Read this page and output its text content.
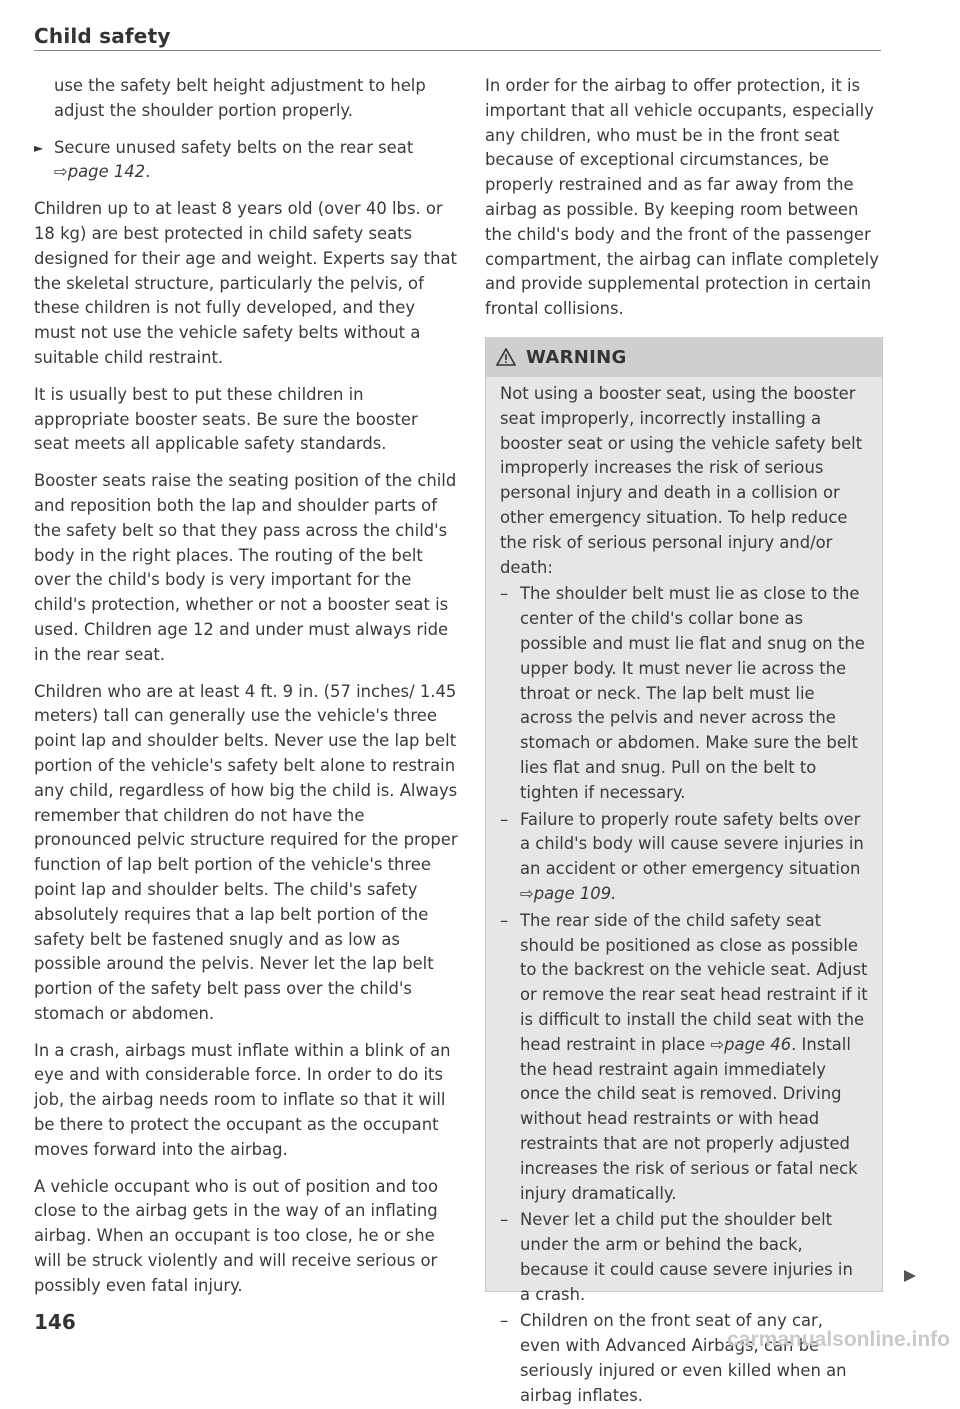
Child safety

use the safety belt height adjustment to help adjust the shoulder portion properly.

► Secure unused safety belts on the rear seat
⇨page 142.

Children up to at least 8 years old (over 40 lbs. or 18 kg) are best protected in child safety seats designed for their age and weight. Experts say that the skeletal structure, particularly the pelvis, of these children is not fully developed, and they must not use the vehicle safety belts without a suitable child restraint.

It is usually best to put these children in appropriate booster seats. Be sure the booster seat meets all applicable safety standards.

Booster seats raise the seating position of the child and reposition both the lap and shoulder parts of the safety belt so that they pass across the child's body in the right places. The routing of the belt over the child's body is very important for the child's protection, whether or not a booster seat is used. Children age 12 and under must always ride in the rear seat.

Children who are at least 4 ft. 9 in. (57 inches/ 1.45 meters) tall can generally use the vehicle's three point lap and shoulder belts. Never use the lap belt portion of the vehicle's safety belt alone to restrain any child, regardless of how big the child is. Always remember that children do not have the pronounced pelvic structure required for the proper function of lap belt portion of the vehicle's three point lap and shoulder belts. The child's safety absolutely requires that a lap belt portion of the safety belt be fastened snugly and as low as possible around the pelvis. Never let the lap belt portion of the safety belt pass over the child's stomach or abdomen.

In a crash, airbags must inflate within a blink of an eye and with considerable force. In order to do its job, the airbag needs room to inflate so that it will be there to protect the occupant as the occupant moves forward into the airbag.

A vehicle occupant who is out of position and too close to the airbag gets in the way of an inflating airbag. When an occupant is too close, he or she will be struck violently and will receive serious or possibly even fatal injury.

In order for the airbag to offer protection, it is important that all vehicle occupants, especially any children, who must be in the front seat because of exceptional circumstances, be properly restrained and as far away from the airbag as possible. By keeping room between the child's body and the front of the passenger compartment, the airbag can inflate completely and provide supplemental protection in certain frontal collisions.

WARNING

Not using a booster seat, using the booster seat improperly, incorrectly installing a booster seat or using the vehicle safety belt improperly increases the risk of serious personal injury and death in a collision or other emergency situation. To help reduce the risk of serious personal injury and/or death:

– The shoulder belt must lie as close to the center of the child's collar bone as possible and must lie flat and snug on the upper body. It must never lie across the throat or neck. The lap belt must lie across the pelvis and never across the stomach or abdomen. Make sure the belt lies flat and snug. Pull on the belt to tighten if necessary.

– Failure to properly route safety belts over a child's body will cause severe injuries in an accident or other emergency situation
⇨page 109.

– The rear side of the child safety seat should be positioned as close as possible to the backrest on the vehicle seat. Adjust or remove the rear seat head restraint if it is difficult to install the child seat with the head restraint in place ⇨page 46. Install the head restraint again immediately once the child seat is removed. Driving without head restraints or with head restraints that are not properly adjusted increases the risk of serious or fatal neck injury dramatically.

– Never let a child put the shoulder belt under the arm or behind the back, because it could cause severe injuries in a crash.

– Children on the front seat of any car, even with Advanced Airbags, can be seriously injured or even killed when an airbag inflates.

146
carmanualsonline.info
